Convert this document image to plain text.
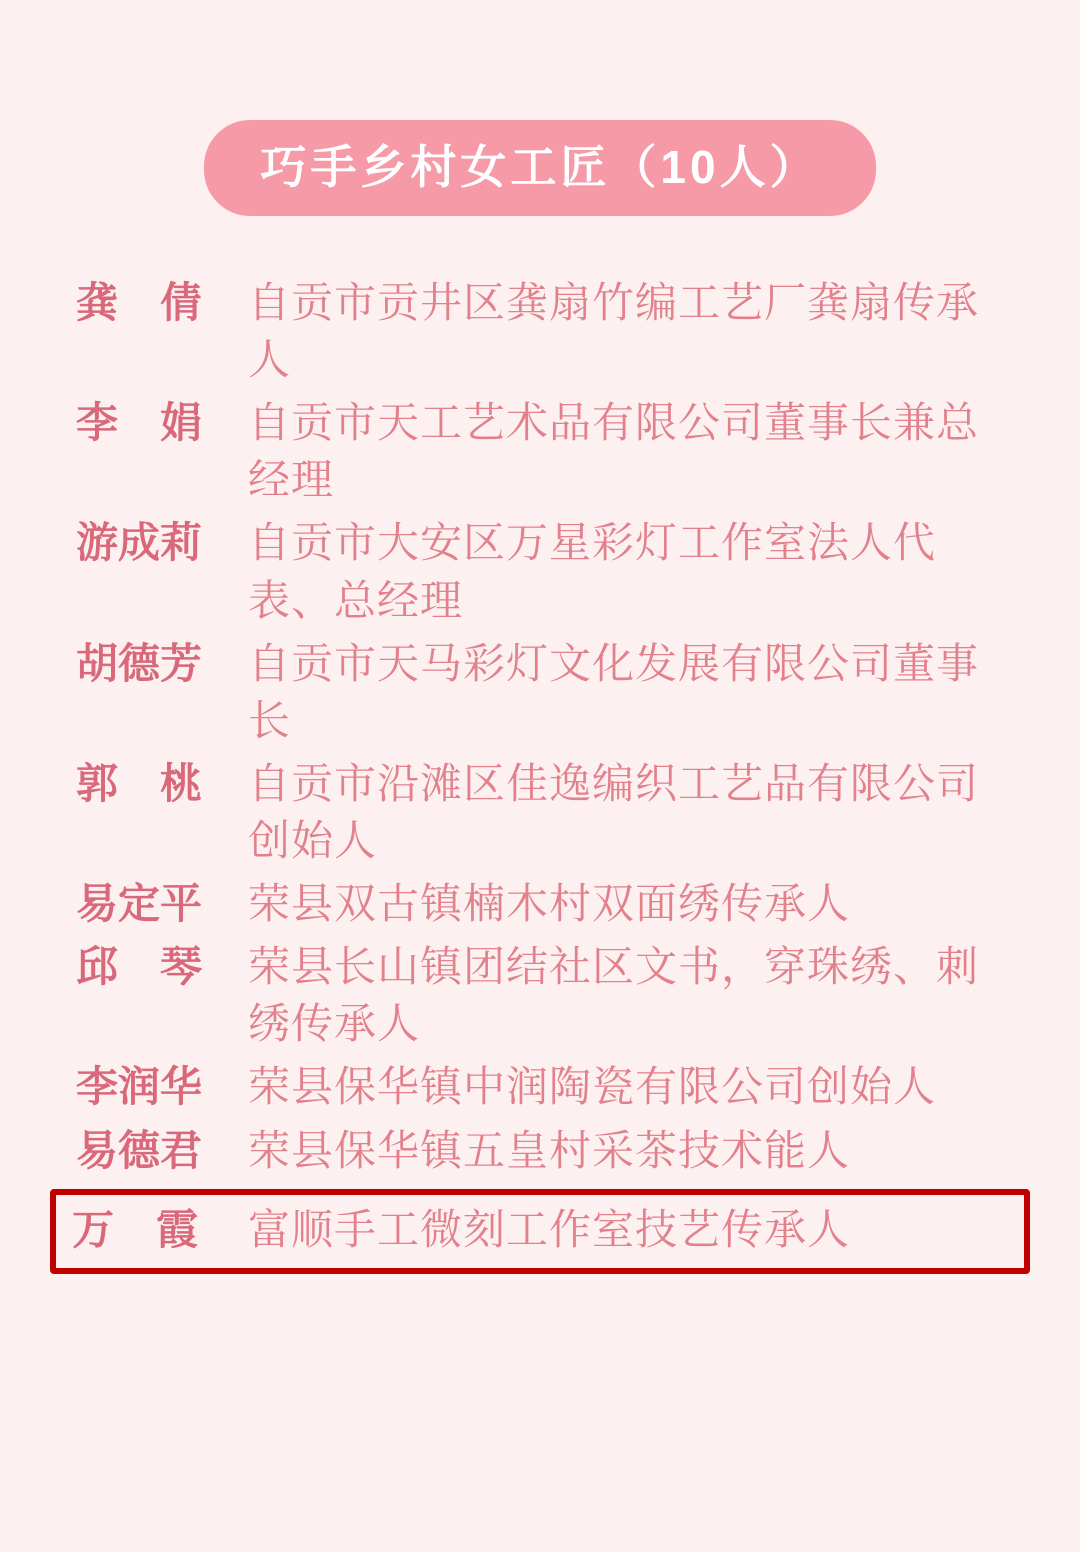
巧手乡村女工匠（10人）
龚　倩	自贡市贡井区龚扇竹编工艺厂龚扇传承人
李　娟	自贡市天工艺术品有限公司董事长兼总经理
游成莉	自贡市大安区万星彩灯工作室法人代表、总经理
胡德芳	自贡市天马彩灯文化发展有限公司董事长
郭　桃	自贡市沿滩区佳逸编织工艺品有限公司创始人
易定平	荣县双古镇楠木村双面绣传承人
邱　琴	荣县长山镇团结社区文书，穿珠绣、刺绣传承人
李润华	荣县保华镇中润陶瓷有限公司创始人
易德君	荣县保华镇五皇村采茶技术能人
万　霞	富顺手工微刻工作室技艺传承人
